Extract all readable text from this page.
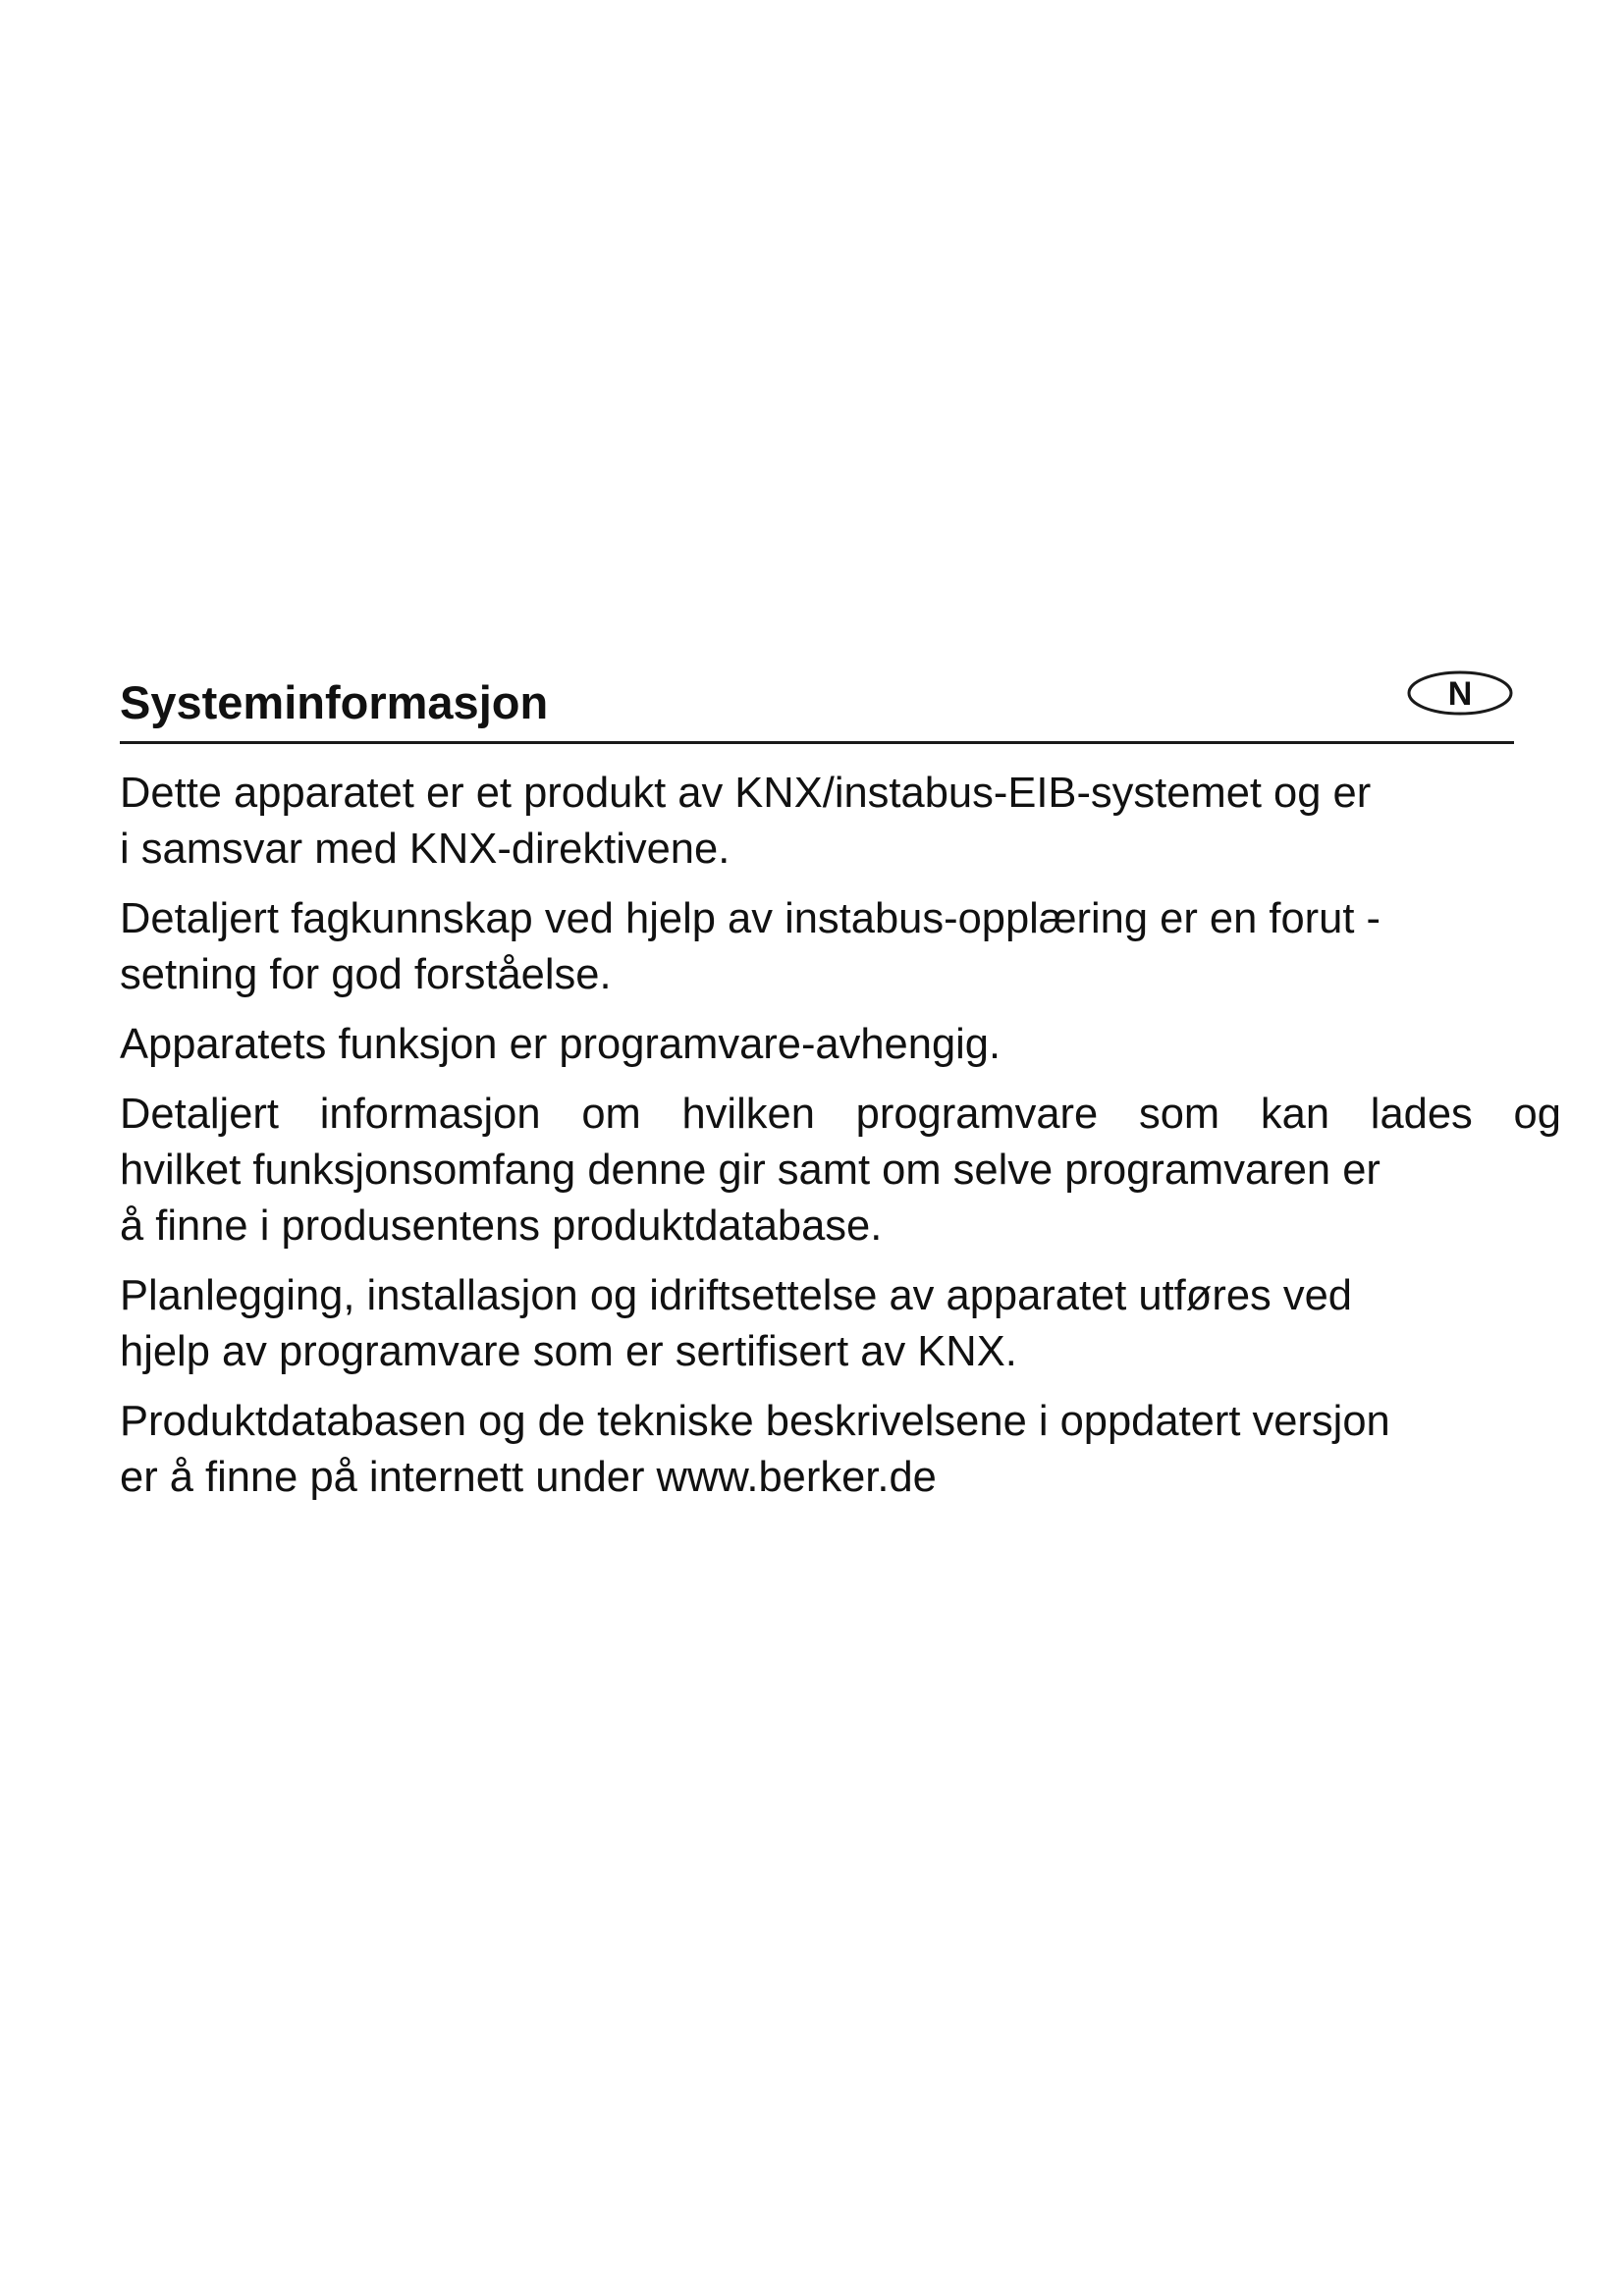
Systeminformasjon	N

Dette apparatet er et produkt av KNX/instabus-EIB-systemet og er
i samsvar med KNX-direktivene.

Detaljert fagkunnskap ved hjelp av instabus-opplæring er en forut -
setning for god forståelse.

Apparatets funksjon er programvare-avhengig.

Detaljert informasjon om hvilken programvare som kan lades og
hvilket funksjonsomfang denne gir samt om selve programvaren er
å finne i produsentens produktdatabase.

Planlegging, installasjon og idriftsettelse av apparatet utføres ved
hjelp av programvare som er sertifisert av KNX.

Produktdatabasen og de tekniske beskrivelsene i oppdatert versjon
er å finne på internett under www.berker.de
